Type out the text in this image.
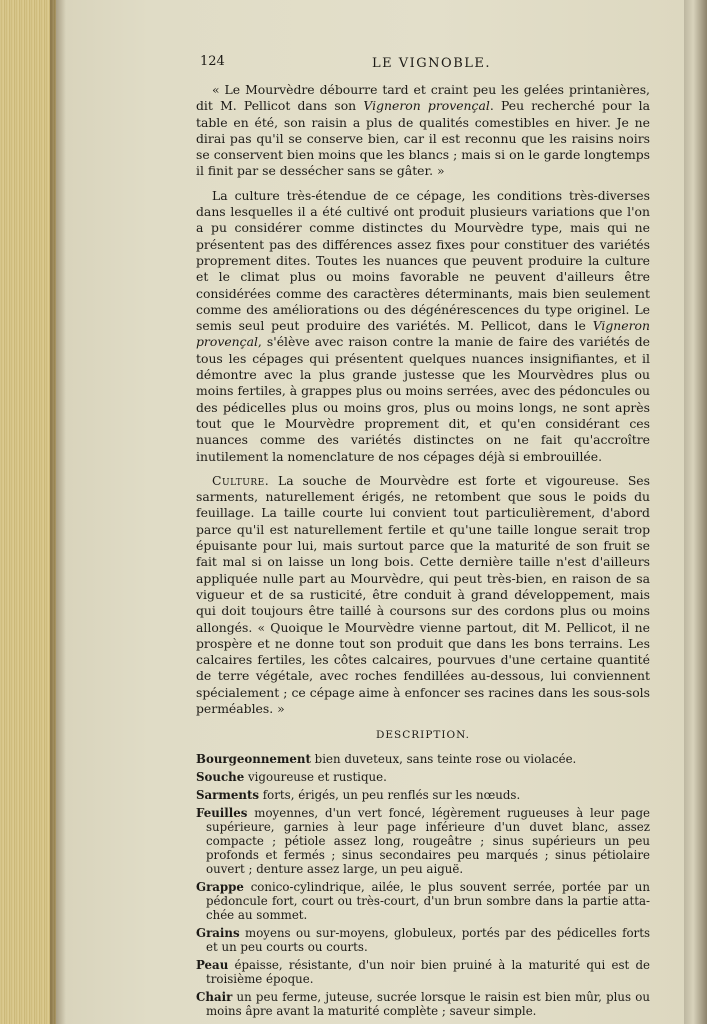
124	LE VIGNOBLE.

« Le Mourvèdre débourre tard et craint peu les gelées printanières, dit M. Pellicot dans son Vigneron provençal. Peu recherché pour la table en été, son raisin a plus de qualités comestibles en hiver. Je ne dirai pas qu'il se conserve bien, car il est reconnu que les raisins noirs se conservent bien moins que les blancs ; mais si on le garde longtemps il finit par se dessécher sans se gâter. »

La culture très-étendue de ce cépage, les conditions très-diverses dans lesquelles il a été cultivé ont produit plusieurs variations que l'on a pu considérer comme distinctes du Mourvèdre type, mais qui ne présentent pas des différences assez fixes pour constituer des variétés proprement dites. Toutes les nuances que peuvent produire la culture et le climat plus ou moins favorable ne peuvent d'ailleurs être considérées comme des caractères déterminants, mais bien seulement comme des améliorations ou des dégénérescences du type originel. Le semis seul peut produire des variétés. M. Pellicot, dans le Vigneron provençal, s'élève avec raison contre la manie de faire des variétés de tous les cépages qui présentent quelques nuances insignifiantes, et il démontre avec la plus grande justesse que les Mourvèdres plus ou moins fertiles, à grappes plus ou moins serrées, avec des pédoncules ou des pédicelles plus ou moins gros, plus ou moins longs, ne sont après tout que le Mourvèdre proprement dit, et qu'en considérant ces nuances comme des variétés distinctes on ne fait qu'accroître inutilement la nomenclature de nos cépages déjà si embrouillée.

Culture. La souche de Mourvèdre est forte et vigoureuse. Ses sarments, naturellement érigés, ne retombent que sous le poids du feuillage. La taille courte lui convient tout particulièrement, d'abord parce qu'il est naturellement fertile et qu'une taille longue serait trop épuisante pour lui, mais surtout parce que la maturité de son fruit se fait mal si on laisse un long bois. Cette dernière taille n'est d'ailleurs appliquée nulle part au Mourvèdre, qui peut très-bien, en raison de sa vigueur et de sa rusticité, être conduit à grand développement, mais qui doit toujours être taillé à coursons sur des cordons plus ou moins allongés. « Quoique le Mourvèdre vienne partout, dit M. Pellicot, il ne prospère et ne donne tout son produit que dans les bons terrains. Les calcaires fertiles, les côtes calcaires, pourvues d'une certaine quantité de terre végétale, avec roches fendillées au-dessous, lui conviennent spécialement ; ce cépage aime à enfoncer ses racines dans les sous-sols perméables. »

DESCRIPTION.

Bourgeonnement bien duveteux, sans teinte rose ou violacée.

Souche vigoureuse et rustique.

Sarments forts, érigés, un peu renflés sur les nœuds.

Feuilles moyennes, d'un vert foncé, légèrement rugueuses à leur page supérieure, garnies à leur page inférieure d'un duvet blanc, assez compacte ; pétiole assez long, rougeâtre ; sinus supérieurs un peu profonds et fermés ; sinus secondaires peu marqués ; sinus pétiolaire ouvert ; denture assez large, un peu aiguë.

Grappe conico-cylindrique, ailée, le plus souvent serrée, portée par un pédoncule fort, court ou très-court, d'un brun sombre dans la partie attachée au sommet.

Grains moyens ou sur-moyens, globuleux, portés par des pédicelles forts et un peu courts ou courts.

Peau épaisse, résistante, d'un noir bien pruiné à la maturité qui est de troisième époque.

Chair un peu ferme, juteuse, sucrée lorsque le raisin est bien mûr, plus ou moins âpre avant la maturité complète ; saveur simple.
